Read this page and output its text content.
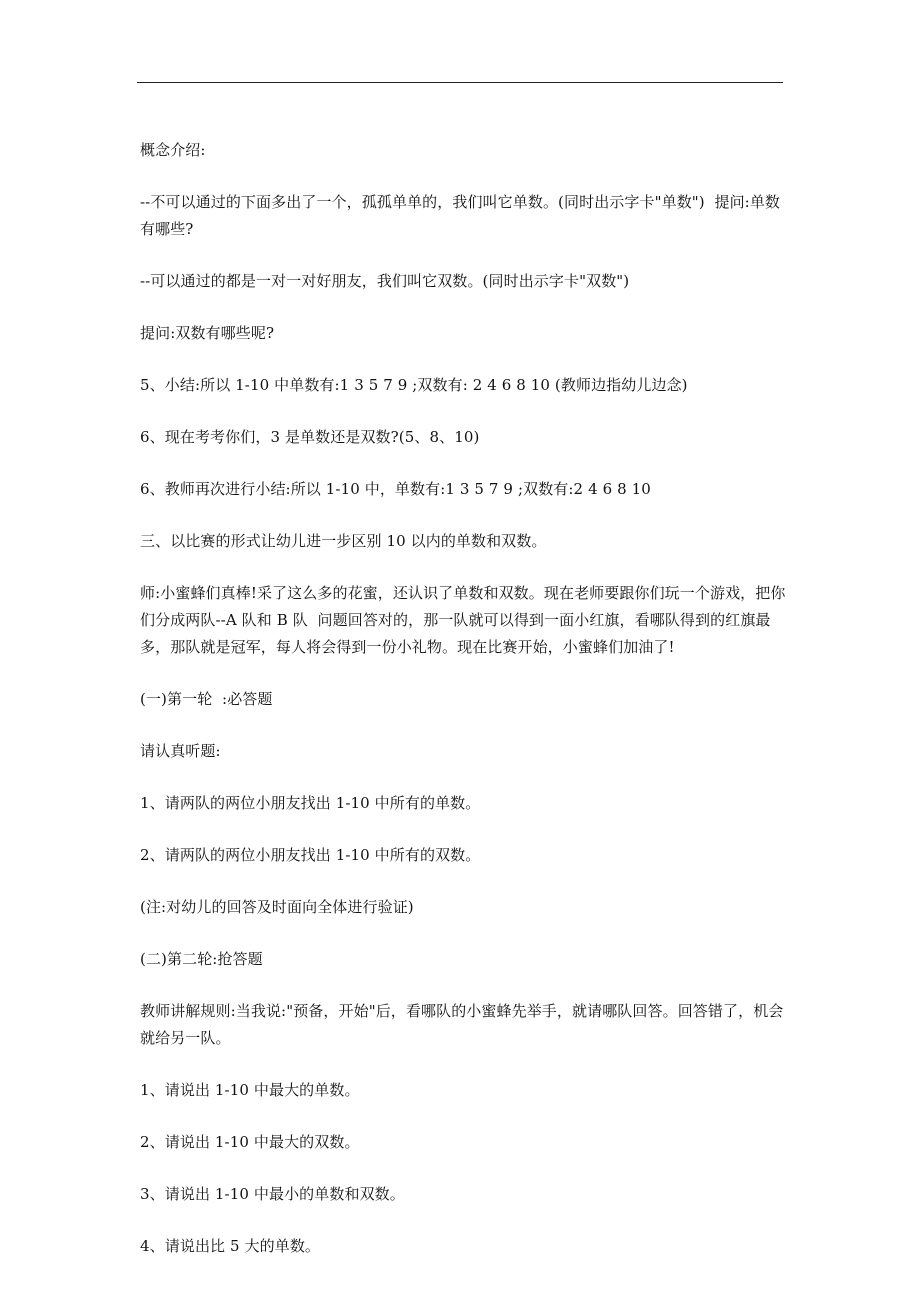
概念介绍:

--不可以通过的下面多出了一个，孤孤单单的，我们叫它单数。(同时出示字卡"单数")  提问:单数有哪些?

--可以通过的都是一对一对好朋友，我们叫它双数。(同时出示字卡"双数")

提问:双数有哪些呢?

5、小结:所以 1-10 中单数有:1 3 5 7 9 ;双数有: 2 4 6 8 10 (教师边指幼儿边念)

6、现在考考你们，3 是单数还是双数?(5、8、10)

6、教师再次进行小结:所以 1-10 中，单数有:1 3 5 7 9 ;双数有:2 4 6 8 10

三、以比赛的形式让幼儿进一步区别 10 以内的单数和双数。

师:小蜜蜂们真棒!采了这么多的花蜜，还认识了单数和双数。现在老师要跟你们玩一个游戏，把你们分成两队--A 队和 B 队  问题回答对的，那一队就可以得到一面小红旗，看哪队得到的红旗最多，那队就是冠军，每人将会得到一份小礼物。现在比赛开始，小蜜蜂们加油了!

(一)第一轮  :必答题

请认真听题:

1、请两队的两位小朋友找出 1-10 中所有的单数。

2、请两队的两位小朋友找出 1-10 中所有的双数。

(注:对幼儿的回答及时面向全体进行验证)

(二)第二轮:抢答题

教师讲解规则:当我说:"预备，开始"后，看哪队的小蜜蜂先举手，就请哪队回答。回答错了，机会就给另一队。

1、请说出 1-10 中最大的单数。

2、请说出 1-10 中最大的双数。

3、请说出 1-10 中最小的单数和双数。

4、请说出比 5 大的单数。
